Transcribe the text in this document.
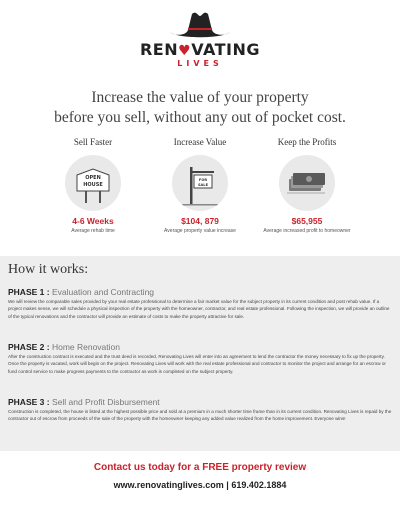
REN♥VATING
LIVES
Increase the value of your property
before you sell, without any out of pocket cost.
Sell Faster
OPEN
HOUSE
4-6 Weeks
Average rehab time
Increase Value
FOR
SALE
$104, 879
Average property value increase
Keep the Profits
$65,955
Average increased profit to homeowner
How it works:
PHASE 1 : Evaluation and Contracting
We will review the comparable sales provided by your real estate professional to determine a fair market value for the subject property in its current condition and post rehab value. If a project makes sense, we will schedule a physical inspection of the property with the homeowner, contractor, and real estate professional. Following the inspection, we will provide an outline of the typical renovations and the contractor will provide an estimate of costs to make the property attractive for sale.
PHASE 2 : Home Renovation
After the construction contract is executed and the trust deed is recorded, Renovating Lives will enter into an agreement to lend the contractor the money necessary to fix up the property. Once the property is vacated, work will begin on the project. Renovating Lives will work with the real estate professional and contractor to monitor the project and arrange for an escrow or fund control service to make progress payments to the contractor as work is completed on the subject property.
PHASE 3 : Sell and Profit Disbursement
Construction is completed, the house is listed at the highest possible price and sold at a premium in a much shorter time frame than in its current condition. Renovating Lives is repaid by the contractor out of escrow from proceeds of the sale of the property with the homeowner keeping any added value realized from the home improvement. Everyone wins!
Contact us today for a FREE property review
www.renovatinglives.com | 619.402.1884
